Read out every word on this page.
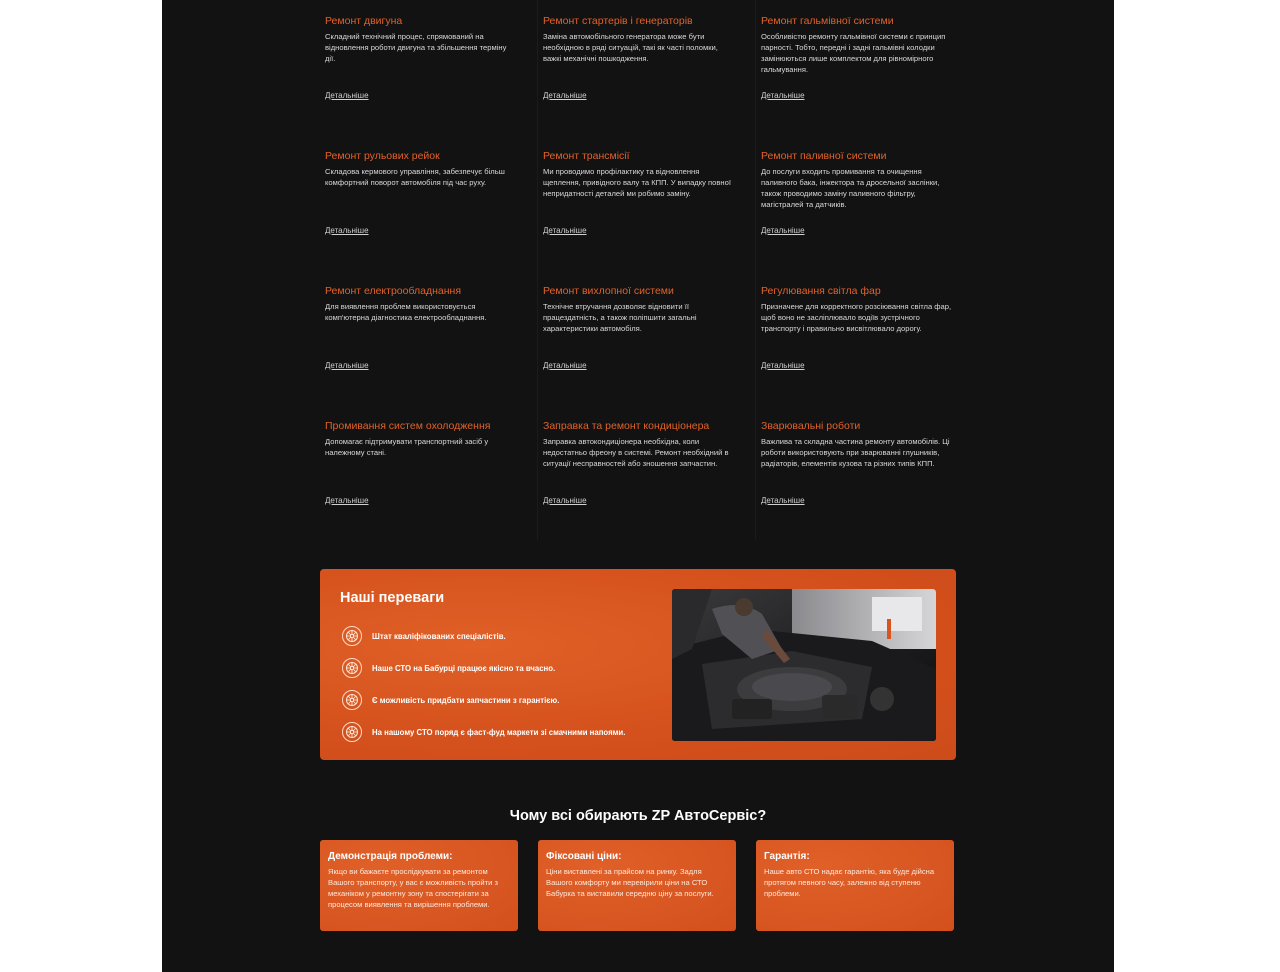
Ремонт двигуна
Складний технічний процес, спрямований на відновлення роботи двигуна та збільшення терміну дії.
Детальніше
Ремонт стартерів і генераторів
Заміна автомобільного генератора може бути необхідною в ряді ситуацій, такі як часті поломки, важкі механічні пошкодження.
Детальніше
Ремонт гальмівної системи
Особливістю ремонту гальмівної системи є принцип парності. Тобто, передні і задні гальмівні колодки замінюються лише комплектом для рівномірного гальмування.
Детальніше
Ремонт рульових рейок
Складова кермового управління, забезпечує більш комфортний поворот автомобіля під час руху.
Детальніше
Ремонт трансмісії
Ми проводимо профілактику та відновлення щеплення, привідного валу та КПП. У випадку повної непридатності деталей ми робимо заміну.
Детальніше
Ремонт паливної системи
До послуги входить промивання та очищення паливного бака, інжектора та дросельної заслінки, також проводимо заміну паливного фільтру, магістралей та датчиків.
Детальніше
Ремонт електрообладнання
Для виявлення проблем використовується комп'ютерна діагностика електрообладнання.
Детальніше
Ремонт вихлопної системи
Технічне втручання дозволяє відновити її працездатність, а також поліпшити загальні характеристики автомобіля.
Детальніше
Регулювання світла фар
Призначене для корректного розсіювання світла фар, щоб воно не засліплювало водіїв зустрічного транспорту і правильно висвітлювало дорогу.
Детальніше
Промивання систем охолодження
Допомагає підтримувати транспортний засіб у належному стані.
Детальніше
Заправка та ремонт кондиціонера
Заправка автокондиціонера необхідна, коли недостатньо фреону в системі. Ремонт необхідний в ситуації несправностей або зношення запчастин.
Детальніше
Зварювальні роботи
Важлива та складна частина ремонту автомобілів. Ці роботи використовують при зварюванні глушників, радіаторів, елементів кузова та різних типів КПП.
Детальніше
Наші переваги
Штат кваліфікованих спеціалістів.
Наше СТО на Бабурці працює якісно та вчасно.
Є можливість придбати запчастини з гарантією.
На нашому СТО поряд є фаст-фуд маркети зі смачними напоями.
Чому всі обирають ZP АвтоСервіс?
Демонстрація проблеми:
Якщо ви бажаєте прослідкувати за ремонтом Вашого транспорту, у вас є можливість пройти з механіком у ремонтну зону та спостерігати за процесом виявлення та вирішення проблеми.
Фіксовані ціни:
Ціни виставлені за прайсом на ринку. Задля Вашого комфорту ми перевірили ціни на СТО Бабурка та виставили середню ціну за послуги.
Гарантія:
Наше авто СТО надає гарантію, яка буде дійсна протягом певного часу, залежно від ступеню проблеми.
